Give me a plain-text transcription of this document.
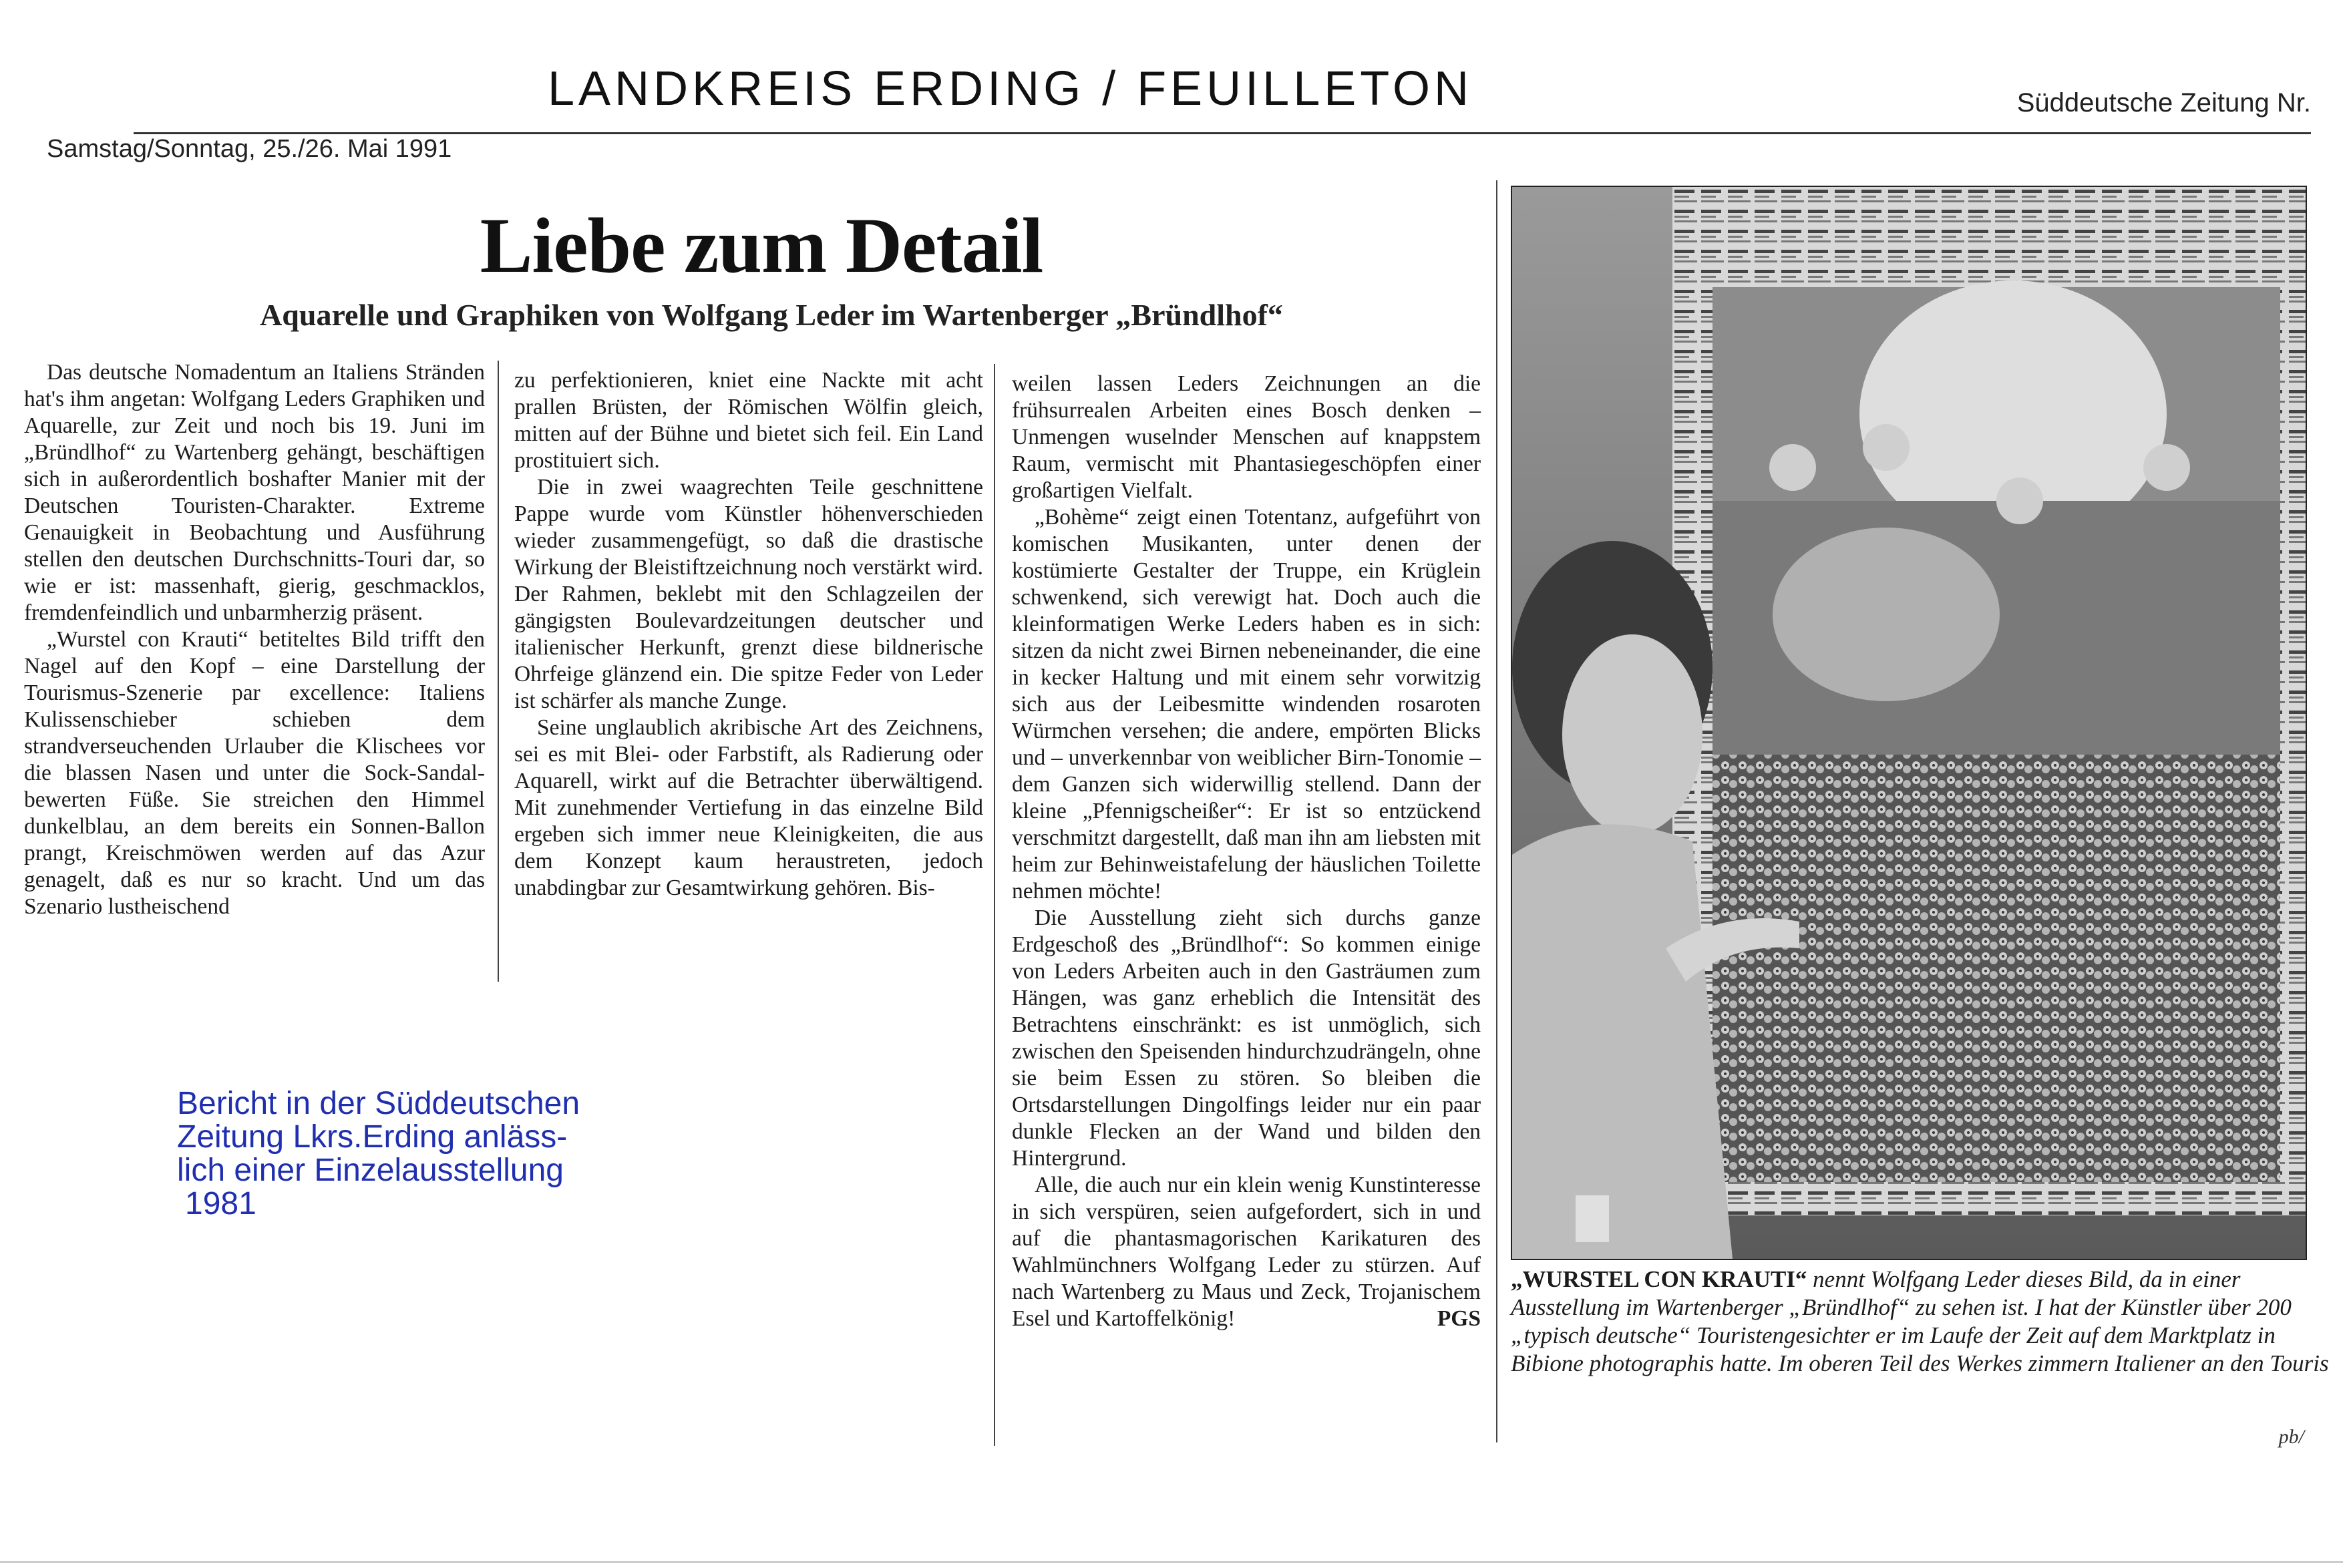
LANDKREIS ERDING / FEUILLETON	Süddeutsche Zeitung Nr.
Samstag/Sonntag, 25./26. Mai 1991
Liebe zum Detail
Aquarelle und Graphiken von Wolfgang Leder im Wartenberger „Bründlhof“

Das deutsche Nomadentum an Italiens Stränden hat's ihm angetan: Wolfgang Leders Graphiken und Aquarelle, zur Zeit und noch bis 19. Juni im „Bründlhof“ zu Wartenberg gehängt, beschäftigen sich in außerordentlich boshafter Manier mit der Deutschen Touristen-Charakter. Extreme Genauigkeit in Beobachtung und Ausführung stellen den deutschen Durchschnitts-Touri dar, so wie er ist: massenhaft, gierig, geschmacklos, fremdenfeindlich und unbarmherzig präsent.

„Wurstel con Krauti“ betiteltes Bild trifft den Nagel auf den Kopf – eine Darstellung der Tourismus-Szenerie par excellence: Italiens Kulissenschieber schieben dem strandverseuchenden Urlauber die Klischees vor die blassen Nasen und unter die Sock-Sandal-bewerten Füße. Sie streichen den Himmel dunkelblau, an dem bereits ein Sonnen-Ballon prangt, Kreischmöwen werden auf das Azur genagelt, daß es nur so kracht. Und um das Szenario lustheischend

zu perfektionieren, kniet eine Nackte mit acht prallen Brüsten, der Römischen Wölfin gleich, mitten auf der Bühne und bietet sich feil. Ein Land prostituiert sich.

Die in zwei waagrechten Teile geschnittene Pappe wurde vom Künstler höhenverschieden wieder zusammengefügt, so daß die drastische Wirkung der Bleistiftzeichnung noch verstärkt wird. Der Rahmen, beklebt mit den Schlagzeilen der gängigsten Boulevardzeitungen deutscher und italienischer Herkunft, grenzt diese bildnerische Ohrfeige glänzend ein. Die spitze Feder von Leder ist schärfer als manche Zunge.

Seine unglaublich akribische Art des Zeichnens, sei es mit Blei- oder Farbstift, als Radierung oder Aquarell, wirkt auf die Betrachter überwältigend. Mit zunehmender Vertiefung in das einzelne Bild ergeben sich immer neue Kleinigkeiten, die aus dem Konzept kaum heraustreten, jedoch unabdingbar zur Gesamtwirkung gehören. Bis-

weilen lassen Leders Zeichnungen an die frühsurrealen Arbeiten eines Bosch denken – Unmengen wuselnder Menschen auf knappstem Raum, vermischt mit Phantasiegeschöpfen einer großartigen Vielfalt.

„Bohème“ zeigt einen Totentanz, aufgeführt von komischen Musikanten, unter denen der kostümierte Gestalter der Truppe, ein Krüglein schwenkend, sich verewigt hat. Doch auch die kleinformatigen Werke Leders haben es in sich: sitzen da nicht zwei Birnen nebeneinander, die eine in kecker Haltung und mit einem sehr vorwitzig sich aus der Leibesmitte windenden rosaroten Würmchen versehen; die andere, empörten Blicks und – unverkennbar von weiblicher Birn-Tonomie – dem Ganzen sich widerwillig stellend. Dann der kleine „Pfennigscheißer“: Er ist so entzückend verschmitzt dargestellt, daß man ihn am liebsten mit heim zur Behinweistafelung der häuslichen Toilette nehmen möchte!

Die Ausstellung zieht sich durchs ganze Erdgeschoß des „Bründlhof“: So kommen einige von Leders Arbeiten auch in den Gasträumen zum Hängen, was ganz erheblich die Intensität des Betrachtens einschränkt: es ist unmöglich, sich zwischen den Speisenden hindurchzudrängeln, ohne sie beim Essen zu stören. So bleiben die Ortsdarstellungen Dingolfings leider nur ein paar dunkle Flecken an der Wand und bilden den Hintergrund.

Alle, die auch nur ein klein wenig Kunstinteresse in sich verspüren, seien aufgefordert, sich in und auf die phantasmagorischen Karikaturen des Wahlmünchners Wolfgang Leder zu stürzen. Auf nach Wartenberg zu Maus und Zeck, Trojanischem Esel und Kartoffelkönig!	PGS

Bericht in der Süddeutschen
Zeitung Lkrs.Erding anläss-
lich einer Einzelausstellung
1981
„WURSTEL CON KRAUTI“ nennt Wolfgang Leder dieses Bild, da in einer Ausstellung im Wartenberger „Bründlhof“ zu sehen ist. I hat der Künstler über 200 „typisch deutsche“ Touristengesichter er im Laufe der Zeit auf dem Marktplatz in Bibione photographis hatte. Im oberen Teil des Werkes zimmern Italiener an den Touris
pb/
